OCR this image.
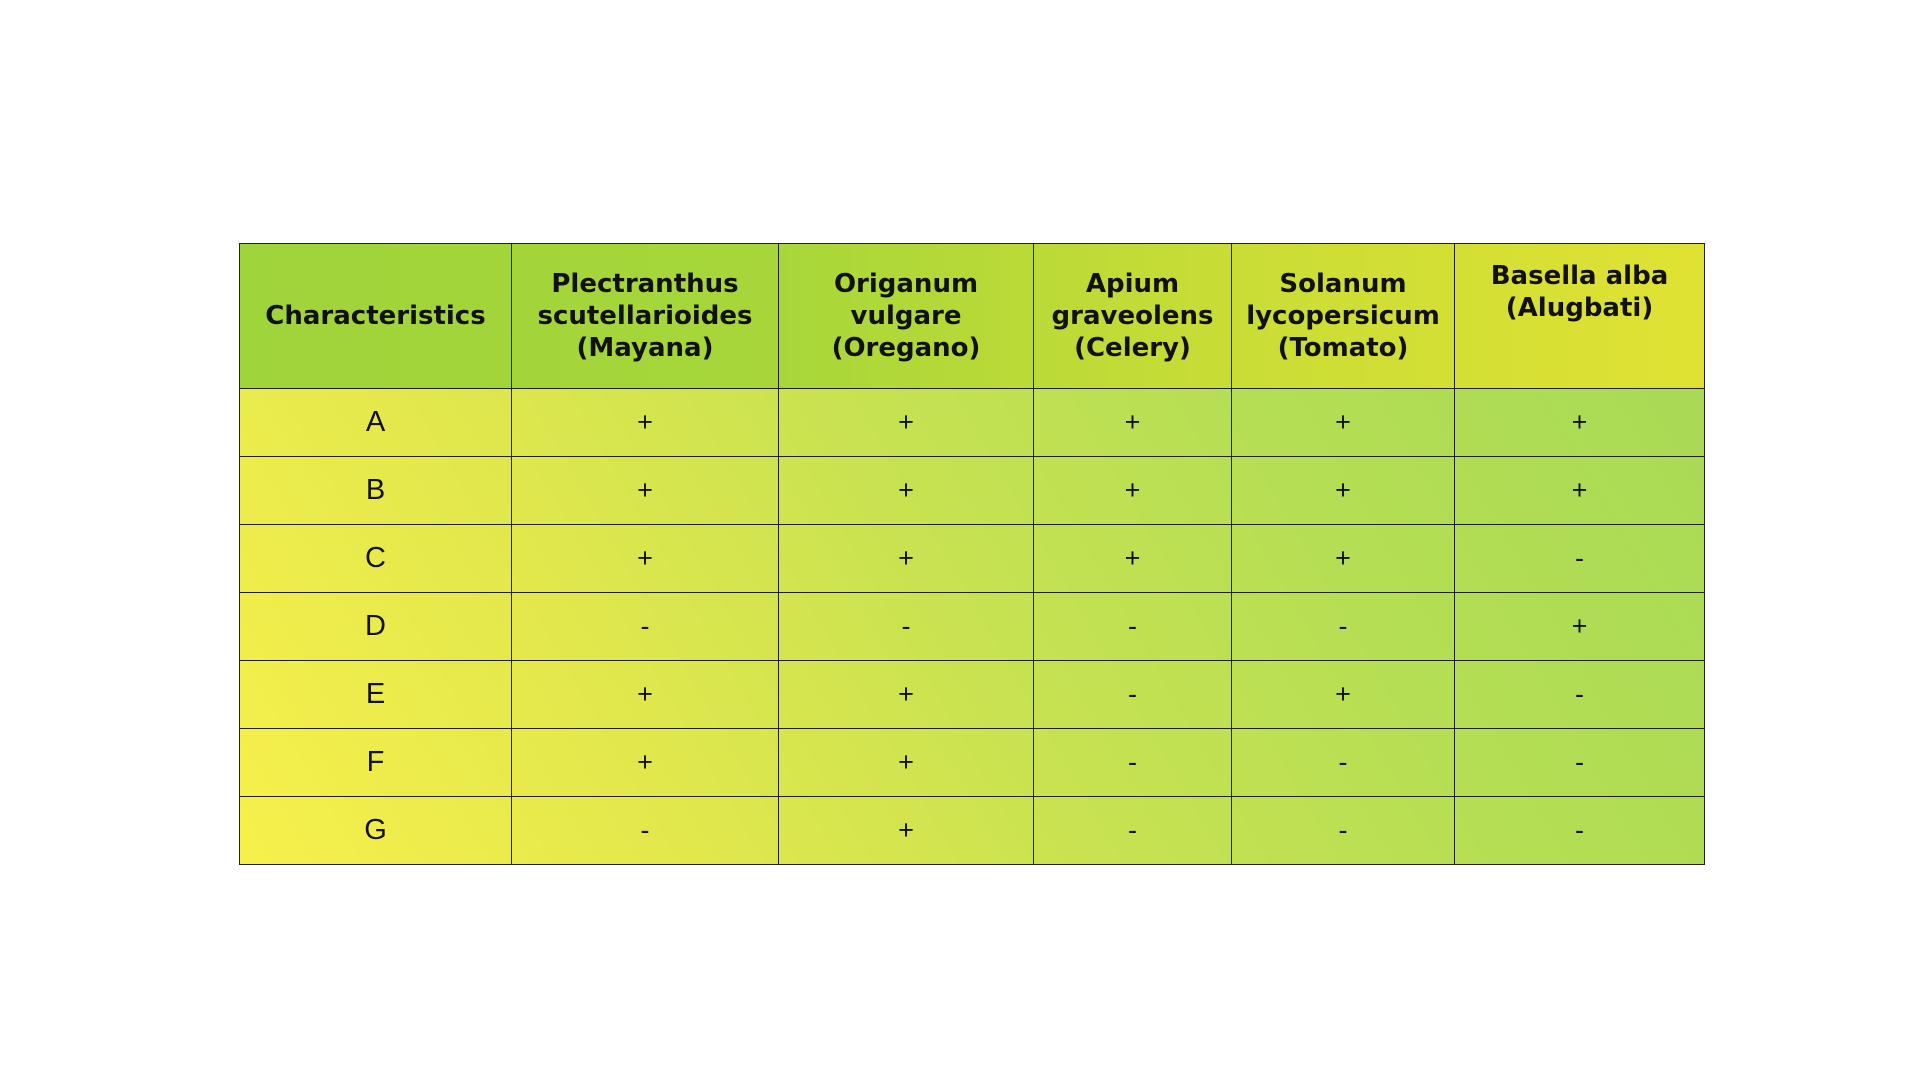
Characteristics	Plectranthus
scutellarioides
(Mayana)	Origanum
vulgare
(Oregano)	Apium
graveolens
(Celery)	Solanum
lycopersicum
(Tomato)	Basella alba
(Alugbati)

A	+	+	+	+	+
B	+	+	+	+	+
C	+	+	+	+	-
D	-	-	-	-	+
E	+	+	-	+	-
F	+	+	-	-	-
G	-	+	-	-	-
